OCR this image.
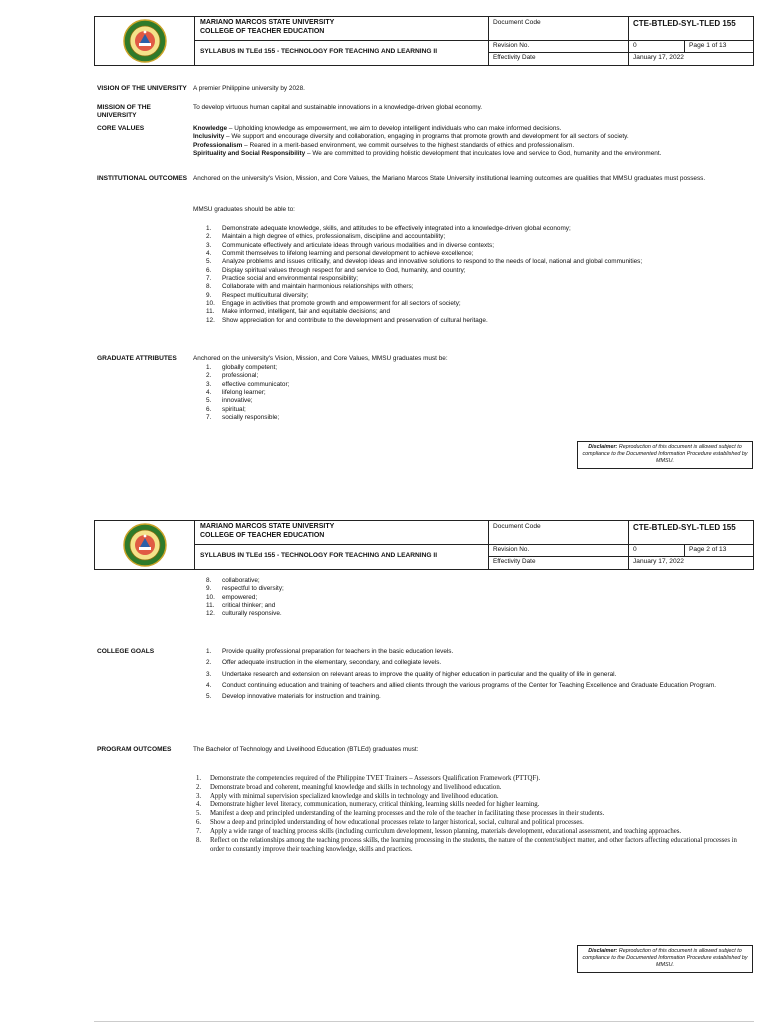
MARIANO MARCOS STATE UNIVERSITY
COLLEGE OF TEACHER EDUCATION
SYLLABUS IN TLEd 155 - TECHNOLOGY FOR TEACHING AND LEARNING II
Document Code	CTE-BTLED-SYL-TLED 155
Revision No.	0	Page 1 of 13
Effectivity Date	January 17, 2022
VISION OF THE UNIVERSITY A premier Philippine university by 2028.
MISSION OF THE UNIVERSITY
To develop virtuous human capital and sustainable innovations in a knowledge-driven global economy.
CORE VALUES	Knowledge – Upholding knowledge as empowerment, we aim to develop intelligent individuals who can make informed decisions.

Inclusivity – We support and encourage diversity and collaboration, engaging in programs that promote growth and development for all sectors of society.

Professionalism – Reared in a merit-based environment, we commit ourselves to the highest standards of ethics and professionalism.

Spirituality and Social Responsibility – We are committed to providing holistic development that inculcates love and service to God, humanity and the environment.

INSTITUTIONAL OUTCOMES Anchored on the university's Vision, Mission, and Core Values, the Mariano Marcos State University institutional learning outcomes are qualities that MMSU graduates must possess.
MMSU graduates should be able to:
1.	Demonstrate adequate knowledge, skills, and attitudes to be effectively integrated into a knowledge-driven global economy;
2.	Maintain a high degree of ethics, professionalism, discipline and accountability;
3.	Communicate effectively and articulate ideas through various modalities and in diverse contexts;
4.	Commit themselves to lifelong learning and personal development to achieve excellence;
5.	Analyze problems and issues critically, and develop ideas and innovative solutions to respond to the needs of local, national and global communities;
6.	Display spiritual values through respect for and service to God, humanity, and country;
7.	Practice social and environmental responsibility;
8.	Collaborate with and maintain harmonious relationships with others;
9.	Respect multicultural diversity;
10.	Engage in activities that promote growth and empowerment for all sectors of society;
11.	Make informed, intelligent, fair and equitable decisions; and
12.	Show appreciation for and contribute to the development and preservation of cultural heritage.
GRADUATE ATTRIBUTES	Anchored on the university's Vision, Mission, and Core Values, MMSU graduates must be:
1.	globally competent;
2.	professional;
3.	effective communicator;
4.	lifelong learner;
5.	innovative;
6.	spiritual;
7.	socially responsible;
Disclaimer: Reproduction of this document is allowed subject to compliance to the Documented Information Procedure established by MMSU.
MARIANO MARCOS STATE UNIVERSITY
COLLEGE OF TEACHER EDUCATION
SYLLABUS IN TLEd 155 - TECHNOLOGY FOR TEACHING AND LEARNING II
Document Code	CTE-BTLED-SYL-TLED 155
Revision No.	0	Page 2 of 13
Effectivity Date	January 17, 2022
8.	collaborative;
9.	respectful to diversity;
10.	empowered;
11.	critical thinker; and
12.	culturally responsive.
COLLEGE GOALS	1.	Provide quality professional preparation for teachers in the basic education levels.
2.	Offer adequate instruction in the elementary, secondary, and collegiate levels.
3.	Undertake research and extension on relevant areas to improve the quality of higher education in particular and the quality of life in general.
4.	Conduct continuing education and training of teachers and allied clients through the various programs of the Center for Teaching Excellence and Graduate Education Program.
5.	Develop innovative materials for instruction and training.
PROGRAM OUTCOMES	The Bachelor of Technology and Livelihood Education (BTLEd) graduates must:
1. Demonstrate the competencies required of the Philippine TVET Trainers – Assessors Qualification Framework (PTTQF).
2. Demonstrate broad and coherent, meaningful knowledge and skills in technology and livelihood education.
3. Apply with minimal supervision specialized knowledge and skills in technology and livelihood education.
4. Demonstrate higher level literacy, communication, numeracy, critical thinking, learning skills needed for higher learning.
5. Manifest a deep and principled understanding of the learning processes and the role of the teacher in facilitating these processes in their students.
6. Show a deep and principled understanding of how educational processes relate to larger historical, social, cultural and political processes.
7. Apply a wide range of teaching process skills (including curriculum development, lesson planning, materials development, educational assessment, and teaching approaches.
8. Reflect on the relationships among the teaching process skills, the learning processing in the students, the nature of the content/subject matter, and other factors affecting educational processes in order to constantly improve their teaching knowledge, skills and practices.
Disclaimer: Reproduction of this document is allowed subject to compliance to the Documented Information Procedure established by MMSU.
